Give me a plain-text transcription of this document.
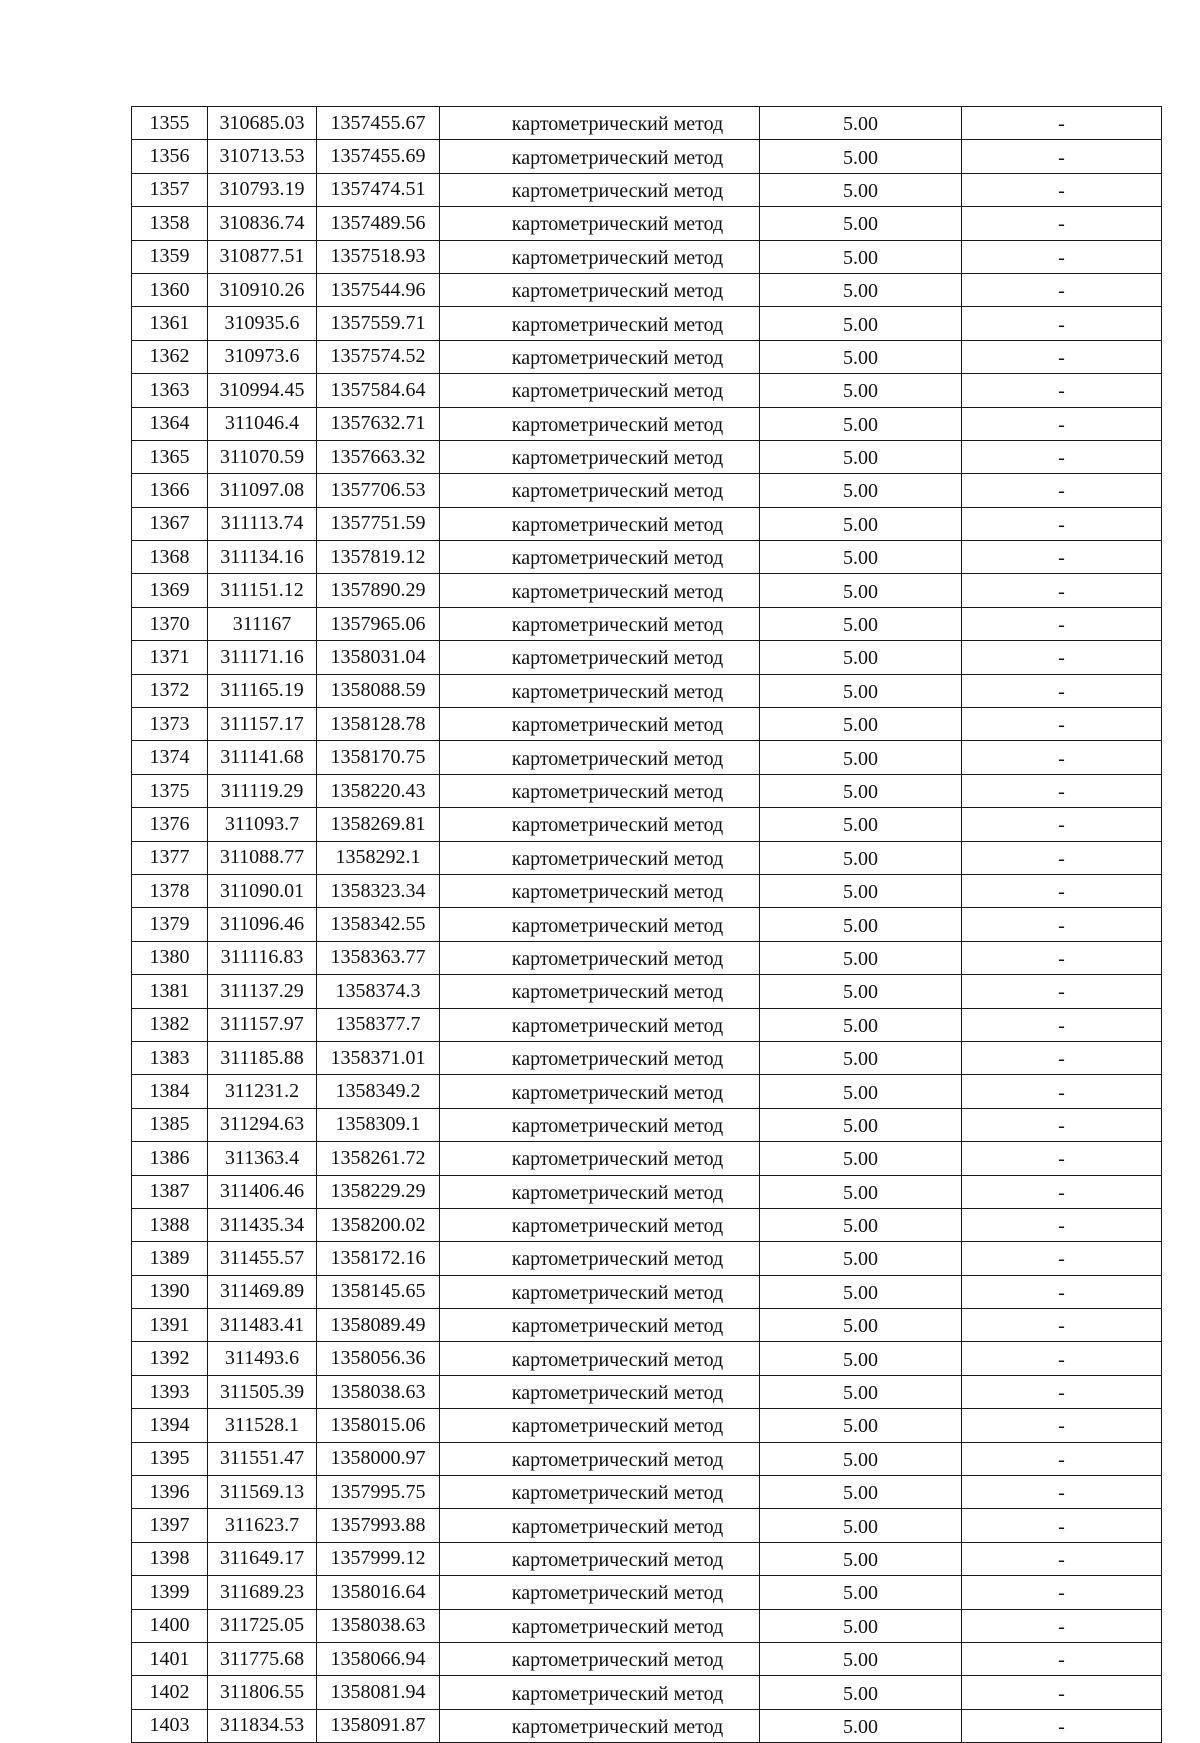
1355	310685.03	1357455.67	картометрический метод	5.00	-
1356	310713.53	1357455.69	картометрический метод	5.00	-
1357	310793.19	1357474.51	картометрический метод	5.00	-
1358	310836.74	1357489.56	картометрический метод	5.00	-
1359	310877.51	1357518.93	картометрический метод	5.00	-
1360	310910.26	1357544.96	картометрический метод	5.00	-
1361	310935.6	1357559.71	картометрический метод	5.00	-
1362	310973.6	1357574.52	картометрический метод	5.00	-
1363	310994.45	1357584.64	картометрический метод	5.00	-
1364	311046.4	1357632.71	картометрический метод	5.00	-
1365	311070.59	1357663.32	картометрический метод	5.00	-
1366	311097.08	1357706.53	картометрический метод	5.00	-
1367	311113.74	1357751.59	картометрический метод	5.00	-
1368	311134.16	1357819.12	картометрический метод	5.00	-
1369	311151.12	1357890.29	картометрический метод	5.00	-
1370	311167	1357965.06	картометрический метод	5.00	-
1371	311171.16	1358031.04	картометрический метод	5.00	-
1372	311165.19	1358088.59	картометрический метод	5.00	-
1373	311157.17	1358128.78	картометрический метод	5.00	-
1374	311141.68	1358170.75	картометрический метод	5.00	-
1375	311119.29	1358220.43	картометрический метод	5.00	-
1376	311093.7	1358269.81	картометрический метод	5.00	-
1377	311088.77	1358292.1	картометрический метод	5.00	-
1378	311090.01	1358323.34	картометрический метод	5.00	-
1379	311096.46	1358342.55	картометрический метод	5.00	-
1380	311116.83	1358363.77	картометрический метод	5.00	-
1381	311137.29	1358374.3	картометрический метод	5.00	-
1382	311157.97	1358377.7	картометрический метод	5.00	-
1383	311185.88	1358371.01	картометрический метод	5.00	-
1384	311231.2	1358349.2	картометрический метод	5.00	-
1385	311294.63	1358309.1	картометрический метод	5.00	-
1386	311363.4	1358261.72	картометрический метод	5.00	-
1387	311406.46	1358229.29	картометрический метод	5.00	-
1388	311435.34	1358200.02	картометрический метод	5.00	-
1389	311455.57	1358172.16	картометрический метод	5.00	-
1390	311469.89	1358145.65	картометрический метод	5.00	-
1391	311483.41	1358089.49	картометрический метод	5.00	-
1392	311493.6	1358056.36	картометрический метод	5.00	-
1393	311505.39	1358038.63	картометрический метод	5.00	-
1394	311528.1	1358015.06	картометрический метод	5.00	-
1395	311551.47	1358000.97	картометрический метод	5.00	-
1396	311569.13	1357995.75	картометрический метод	5.00	-
1397	311623.7	1357993.88	картометрический метод	5.00	-
1398	311649.17	1357999.12	картометрический метод	5.00	-
1399	311689.23	1358016.64	картометрический метод	5.00	-
1400	311725.05	1358038.63	картометрический метод	5.00	-
1401	311775.68	1358066.94	картометрический метод	5.00	-
1402	311806.55	1358081.94	картометрический метод	5.00	-
1403	311834.53	1358091.87	картометрический метод	5.00	-
